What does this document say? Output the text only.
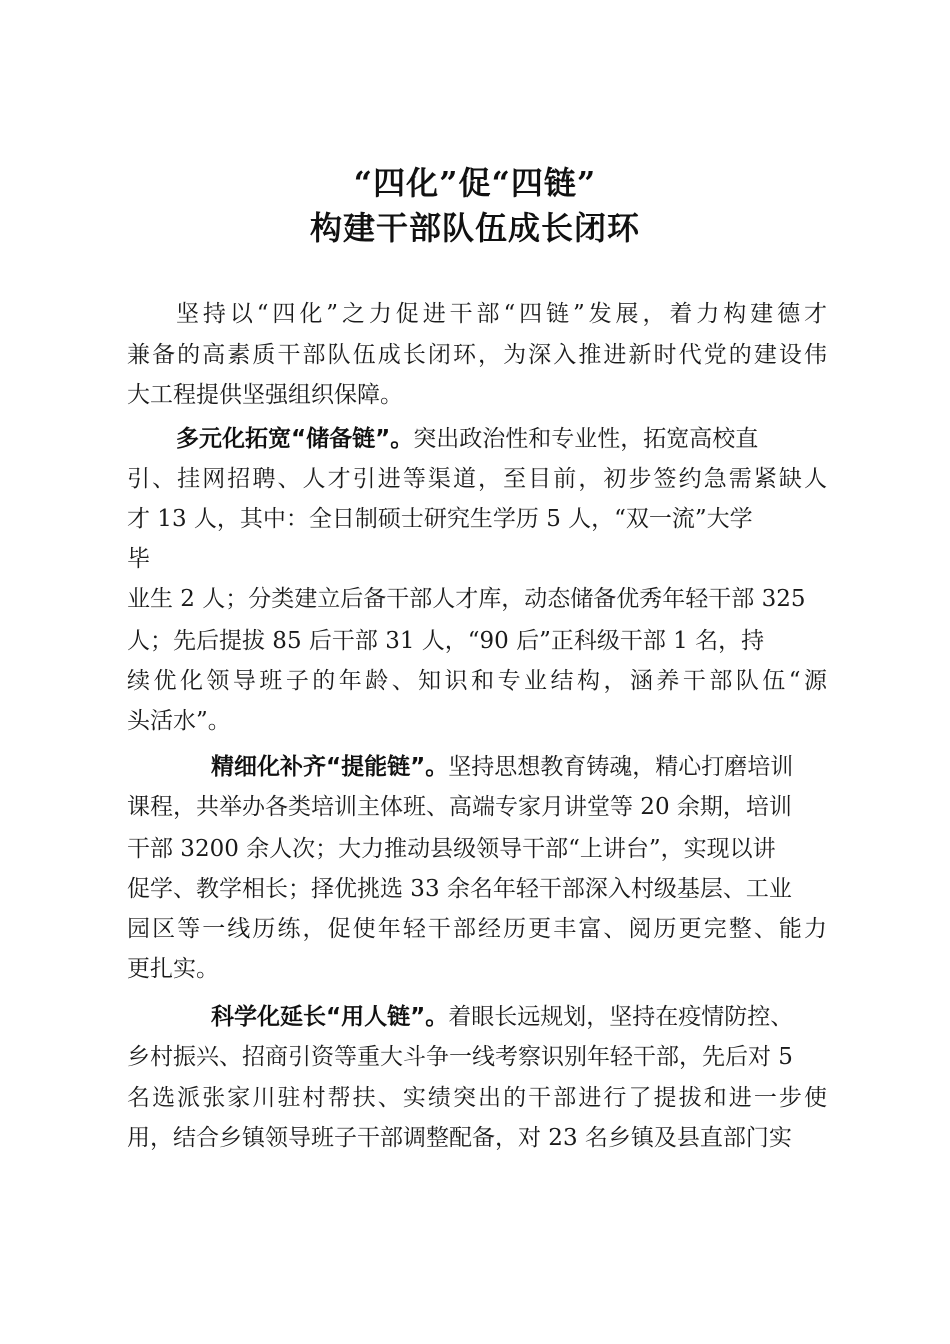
“四化”促“四链”
构建干部队伍成长闭环
坚持以“四化”之力促进干部“四链”发展，着力构建德才
兼备的高素质干部队伍成长闭环，为深入推进新时代党的建设伟
大工程提供坚强组织保障。
多元化拓宽“储备链”。突出政治性和专业性，拓宽高校直
引、挂网招聘、人才引进等渠道，至目前，初步签约急需紧缺人
才 13 人，其中：全日制硕士研究生学历 5 人，“双一流”大学
毕
业生 2 人；分类建立后备干部人才库，动态储备优秀年轻干部 325
人；先后提拔 85 后干部 31 人，“90 后”正科级干部 1 名，持
续优化领导班子的年龄、知识和专业结构，涵养干部队伍“源
头活水”。
精细化补齐“提能链”。坚持思想教育铸魂，精心打磨培训
课程，共举办各类培训主体班、高端专家月讲堂等 20 余期，培训
干部 3200 余人次；大力推动县级领导干部“上讲台”，实现以讲
促学、教学相长；择优挑选 33 余名年轻干部深入村级基层、工业
园区等一线历练，促使年轻干部经历更丰富、阅历更完整、能力
更扎实。
科学化延长“用人链”。着眼长远规划，坚持在疫情防控、
乡村振兴、招商引资等重大斗争一线考察识别年轻干部，先后对 5
名选派张家川驻村帮扶、实绩突出的干部进行了提拔和进一步使
用，结合乡镇领导班子干部调整配备，对 23 名乡镇及县直部门实
